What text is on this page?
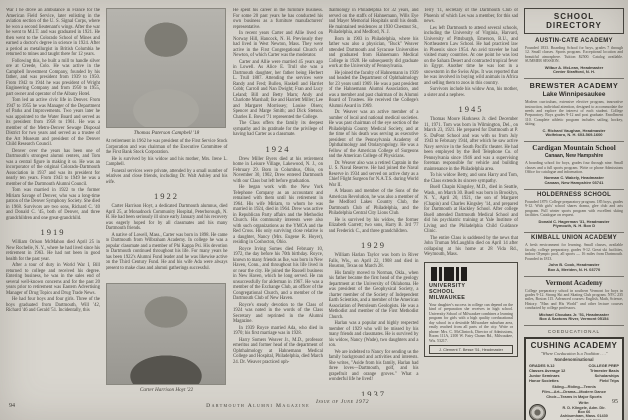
War I he drove an ambulance in France for the American Field Service, later enlisting in the aviation section of the U. S. Signal Corps, where he won a second lieutenant's wings. After the war he went to M.I.T. and was graduated in 1921. He then went to the Colorado School of Mines and earned a doctor's degree in science in 1924. After a period as metallurgist in British Columbia he returned to mines and taught there for 12 years.

Following this, he built a mill to handle silver ore at Creede, Colo. He was active in the Campbell Investment Company, founded by his father, and was president from 1939 to 1950. From 1942 to 1944 he was president of Wright Engineering Company and from 1950 to 1955, part owner and operator of the Albany Hotel.

Tom led an active civic life in Denver. From 1947 to 1955 he was Manager of the Department of Parks and Improvements. Two years later he was appointed to the Water Board and served as its president from 1958 to 1961. He was a member of the Metro-Denver Sewage Disposal District for two years and served as a trustee of the Art Museum and president of the Denver Child Research Council.

Denver over the years has been one of Dartmouth's strongest alumni centers, and Tom was a central figure in making it so. He was an incorporator of the original Colorado-Dartmouth Association in 1937 and was its president for nearly ten years. From 1943 to 1949 he was a member of the Dartmouth Alumni Council.

Tom was married in 1922 to the former Miriam Savage of Denver, who was a long-time patron of the Denver Symphony Society. She died in 1968. Survivors are two sons, Richard C. '40 and Donald C. '45, both of Denver, and three grandchildren and one great-grandchild.

1919

William Orison McMahon died April 25 in New Rochelle, N. Y., where he had lived since his retirement in 1963. He had not been in good health for the past year.

After a tour of duty in World War I, Bill returned to college and received his degree. Entering business, he was in the sales end of several well-known concerns and for the past 20 years prior to retirement was Eastern Advertising Manager of Drug Topics and Drug Trade News.

He had four boys and four girls. Three of the boys graduated from Dartmouth, Will '42, Richard '46 and Gerald '51. Incidentally, this

Thomas Paterson Campbell '18

At retirement in 1962 he was president of the First Service Stock Corporation and was chairman of the Executive Committee of the First Bank Stock Corporation.

He is survived by his widow and his mother, Mrs. Irene L. Campbell.

Funeral services were private, attended by a small number of relatives and close friends, including Dr. Walt Ashley and his wife.

1922

Carter Harrison Hoyt, a dedicated Dartmouth alumnus, died April 25, at Monadnock Community Hospital, Peterborough, N. H. He had been seriously ill since early January and his recovery was eagerly hoped for by all classmates and his many Dartmouth friends.

A native of Lowell, Mass., Carter was born in 1898. He came to Dartmouth from Wilbraham Academy. In college he was a popular classmate and a member of Phi Kappa Psi. His devotion to Dartmouth continued throughout his life. For many years he has been 1922's Alumni Fund leader and he was likewise active on the Third Century Fund. He and his wife Ada were always present to make class and alumni gatherings successful.

Carter Harrison Hoyt '22

He spent his career in the furniture business. For some 20 past years he has conducted his own business as a furniture manufacturers' representative.

In recent years Carter and Allie lived on Norway Hill, Hancock, N. H. Previously they had lived in West Newton, Mass. They were active in the First Congregational Church of Newton, of which Carter was the moderator.

Carter and Allie were married 45 years ago in Lowell. As Alice E. Trull she was a Dartmouth daughter, her father being Herbert L. Trull 1887. Attending the services were Randy and Fred; Bullen, Haskell and Harriet Cobb; Carroll and Nan Dwight; Fran and Lucy Leland; Bill and Betty Marn; Andy and Charlotte Marshall; Ike and Harriett Miller; Lee and Margaret Morrissey; Louise Olsen; Spencer and Marge Smith; and Dick Stetson. Charles E. Bowd '71 represented the College.

The Class offers the family its deepest sympathy and its gratitude for the privilege of having had Carter as a classmate.

1924

Drew Miller Byers died at his retirement home in Leisure Village, Lakewood, N. J., on February 29. Born in Columbus, Ohio, on November 30, 1902, Drew entered Dartmouth with our Class but left before graduation.

He began work with the New York Telephone Company as an accountant and remained with them until his retirement in 1964. His wife Miriam, to whom he was married in 1924, died in 1964. Drew was active in Republican Party affairs and the Methodist Church. His community interests were also with such organizations as the YMCA and the Red Cross. His only surviving close relative is a daughter, Nancy (Mrs. Eugene R. Hoyer), residing in Coshocton, Ohio.

Royce Irving Somes died February 10, 1972, the day before his 70th birthday. Royce, known to many friends as Ike, was born in New Haven, Conn., and throughout his life lived in or near the city. He joined the Russell business in New Haven, which he long served. He ran unsuccessfully for alderman in 1967. He was a member of the Exchange Club, an officer of the Congregational Church, and a member of the Dartmouth Club of New Haven.

Royce's steady devotion to the Class of 1924 was noted in the words of the Class Secretary and reprinted in the Alumni Magazine.

In 1939 Royce married Ada, who died in 1970; his first marriage was in 1928.

Harry Somers Weaver Jr., M.D., professor emeritus and former head of the department of Ophthalmology at Hahnemann Medical College and Hospital, Philadelphia, died March 24. Dr. Weaver practiced oph-

thalmology in Philadelphia for 32 years, and served on the staffs of Hahnemann, Wills Eye and Mayer Memorial Hospitals until his death. He maintained residences at 1930 Chestnut St., Philadelphia, and Medford, N. J.

Born in 1903 in Philadelphia, where his father was also a physician, "Buck" Weaver attended Dartmouth and Syracuse Universities and graduated from Hahnemann Medical College in 1928. He subsequently did graduate work at the University of Pennsylvania.

He joined the faculty of Hahnemann in 1939 and headed the Department of Ophthalmology for 23 years until 1969. He was a past president of the Hahnemann Alumni Association, and was a member and past chairman of its Alumni Board of Trustees. He received the College's Alumni Award in 1969.

Dr. Weaver was an active member of a number of local and national medical societies. He was past chairman of the eye section of the Philadelphia County Medical Society, and at the time of his death was serving as executive president of the Pennsylvania Academy of Ophthalmology and Otolaryngology. He was a Fellow of the American College of Surgeons and the American College of Physicians.

Dr. Weaver also was a retired Captain in the U. S. Naval Reserve. He had joined the Naval Reserve in 1934 and served on active duty as a Chief Flight Surgeon for N.A.T.S. during World War II.

A Mason and member of the Sons of the American Revolution, he was also a member of the Medford Lakes Country Club, the Dartmouth Club of Philadelphia, and the Philadelphia Central City Lions Club.

He is survived by his widow, the former Elizabeth Garrett; two sons, Harry B. 3rd '77 and Frederick C., and three grandchildren.

1929

William Harlan Taylor was born in River Falls, Wis., on April 22, 1908 and died in Houston, Texas on March 28.

His family moved to Norman, Okla., when his father became the first head of the geology department at the University of Oklahoma. He was president of the Geophysical Society, a charter member of the Society of Independent Earth Scientists, and a member of the American Association of Petroleum Geologists. He was a Methodist and member of the First Methodist Church.

Harlan was a popular and highly respected member of 1929 who will be missed by his many friends and classmates. He is survived by his widow, Nancy (Wade), two daughters and a son.

We are indebted to Nancy for sending us the family background and activities and interests. She writes, "Aside from his family, Harlan had three loves—Dartmouth, golf, and his grapefruit and orange groves." What a wonderful life he lived!

1937

Terry '11, secretary of the Dartmouth Club of Phoenix of which Les was a member, for this sad news.

Les left Dartmouth to attend several schools, including the University of Virginia, Harvard, University of Pittsburgh, Emerson, B.U., and Northeastern Law School. He had practiced law in Phoenix since 1954. An avid traveler he had visited many countries. At one point he was lost on the Sahara Desert and contracted tropical fever in Egypt. Another time he was lost in a snowstorm in the Swiss Alps. It was reported that he was involved in buying wild animals in Africa and selling them to zoos in this country.

Survivors include his widow Ann, his mother, a sister and a nephew.

1945

Thomas Moore Harkness Jr. died December 11, 1971. Tom was born in Wilmington, Del., on March 23, 1921. He prepared for Dartmouth at P. S. DuPont School and was with us from July 1943 to February 1944, after which he saw active Navy service in the South Pacific theater. He had been employed by the Bell Telephone Co. of Pennsylvania since 1946 and was a supervising foreman responsible for vehicle and building maintenance in the Philadelphia area.

To his widow Betty, and sons Harry and Tom, the Class extends its sincere sympathy.

Buell Chapin Kingsley, M.D., died in Seattle, Wash., on March 30. Buell was born in Brooklyn, N. Y., April 20, 1921, the son of Margaret (Chapin) and Charles Kingsley '14, and prepared for Dartmouth at Hackley School. After college Buell attended Dartmouth Medical School and did his psychiatric training at Yale Institute of Living and the Philadelphia Child Guidance Clinic.

The entire Class is saddened by the news that John Truman McLaughlin died on April 14 after collapsing at his home at 28 Vida Rd., Weymouth, Mass.

UNIVERSITY
SCHOOL
MILWAUKEE
Your daughter's success in college can depend on the kind of preparation she receives in high school. University School of Milwaukee combines a learning program for girls with a high quality coeducational day school in a desirable Milwaukee suburban area, easily reached from all parts of the city. Write or phone: Mrs. C. McClintock, Director of Admissions, Room 111A, 2100 W. Fairy Chasm Rd., Milwaukee, Wis. 53217.
J. Clement T. Besse '51, Headmaster
SCHOOL DIRECTORY
AUSTIN-CATE ACADEMY
Founded 1833. Boarding School for boys, grades 7 through 12. Small classes. Sports program. Exceptional location and beautiful atmosphere. Tuition $2500. Catalog available. SUMMER SESSION.
Wilbur A. McLean, Headmaster
Center Strafford, N. H.
BREWSTER ACADEMY
Lake Winnipesaukee
Modern curriculum, extensive elective program, innovative instruction, individual attention, designed to accommodate the needs and explore the interest of each student. College Preparatory. Boys grades 9-12 and post graduate. Enrollment 110. Complete athletic program includes sailing, hockey, skiing.
C. Richard Vaughan, Headmaster
Wolfeboro, N. H. 603-569-1600
Cardigan Mountain School
Canaan, New Hampshire
A boarding school for boys, grades four through nine. Small classes and a full sports program. Write or phone Admissions Office for catalogue and information.
Norman C. Wakely, Headmaster
Canaan, New Hampshire 03741
HOLDERNESS SCHOOL
Founded 1879. College preparatory program. 185 boys, grades 9-12. With girls' school shares drama, glee club and arts program. Full winter sports program with excellent skiing facilities. Catalogue on request.
Donald C. Hagerman '31, Headmaster
Plymouth, N. H. Box D
KIMBALL UNION ACADEMY
A fresh environment for learning. Small classes, available faculty, college preparatory, grades 9-12. Great ski facilities, indoor Olympic pool, all sports — 16 miles from Dartmouth. Founded in 1813.
John B. Cook, Headmaster
Box A, Meriden, N. H. 03770
Vermont Academy
College preparatory school in southern Vermont for boys in grades 9-12. Strong Ski and Skating Club program. NYC 235 miles, Boston 115. Advanced courses: English, Math, Science, History. "Man and His World" and other lecture courses conducted by college professors.
Michael Choukas Jr. '51, Headmaster
Box A Saxtons River, Vermont 05154
COEDUCATIONAL
CUSHING ACADEMY
"Where Coeducation Is a Tradition . . ."
Nondenominational
GRADES 9-12
Classes Average 12
Junior Seminars
Honor Societies
COLLEGE PREP
Trimester Basis
Scholarships
Field Trips
Skiing—Riding—Tennis
Film—Art—Drama—Modern Dance
Choir—Teams in Major Sports
Write:
R. D. Klingele, Adm. Dir.
Box 66
Ashburnham, Mass. 01430
94	Dartmouth Alumni Magazine
Issue of June 1972	95
